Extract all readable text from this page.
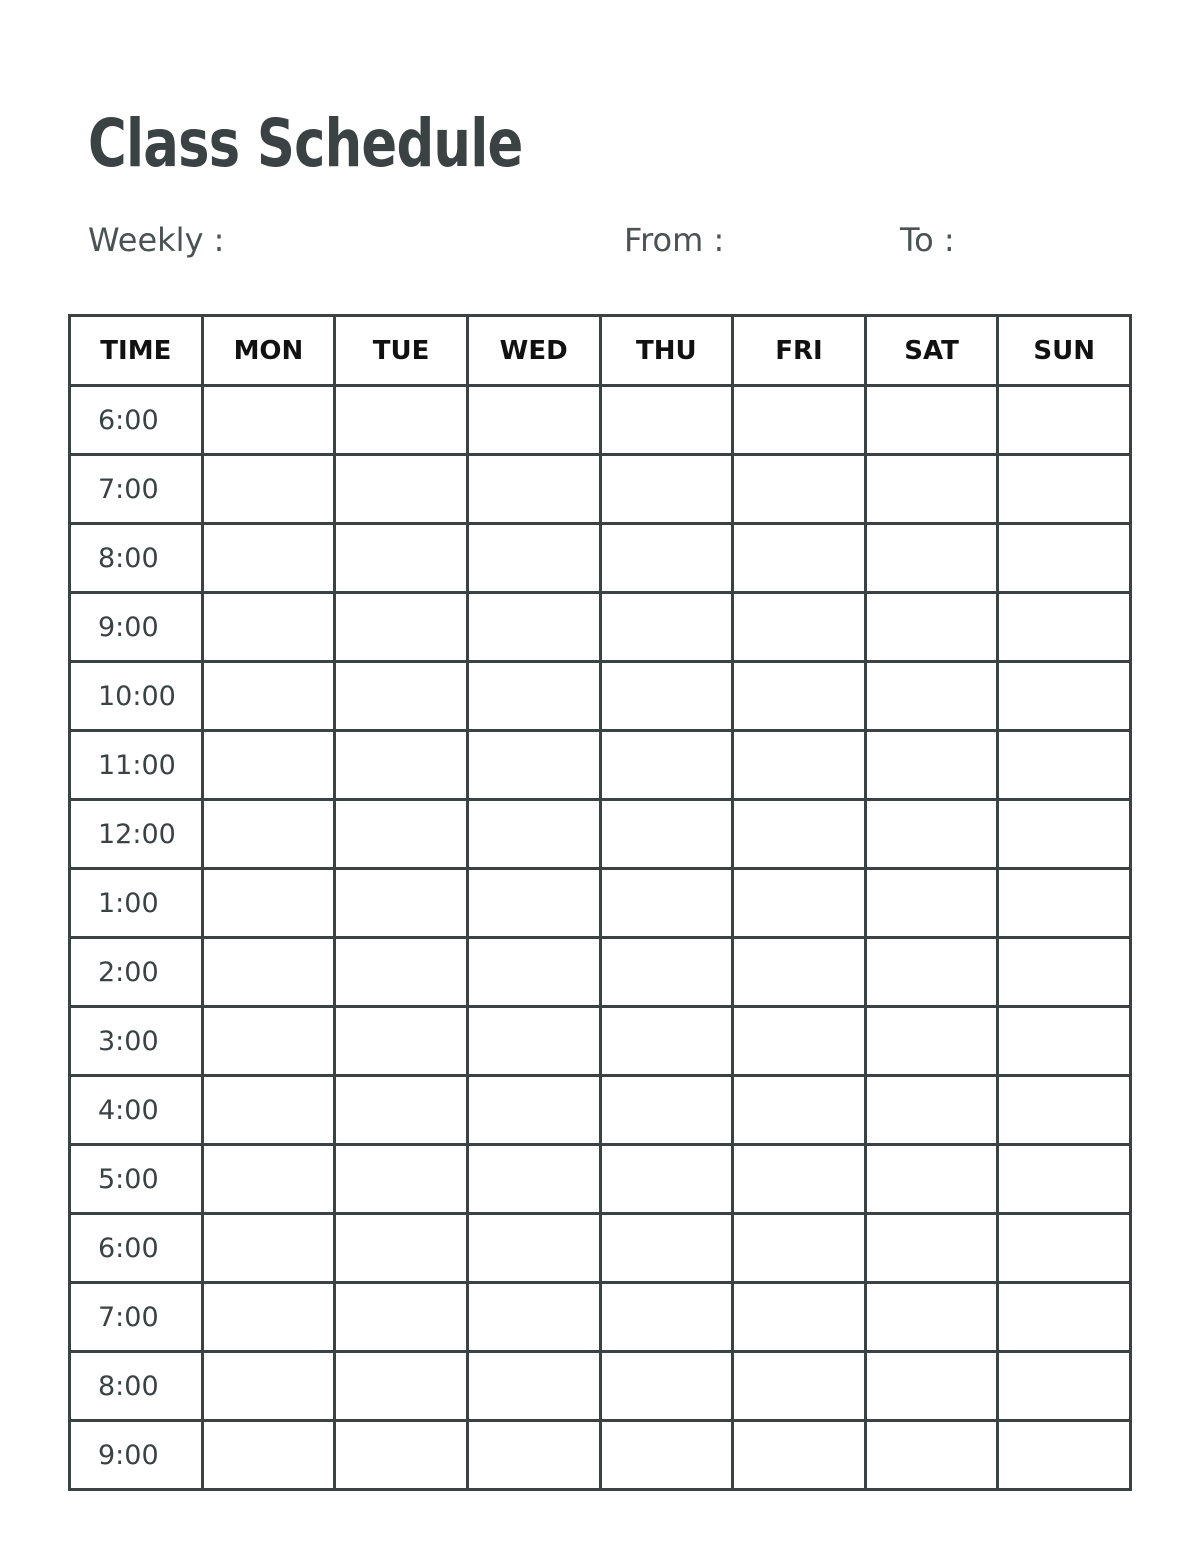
Class Schedule
Weekly :	From :	To :
TIME	MON	TUE	WED	THU	FRI	SAT	SUN
6:00							
7:00							
8:00							
9:00							
10:00							
11:00							
12:00							
1:00							
2:00							
3:00							
4:00							
5:00							
6:00							
7:00							
8:00							
9:00							
